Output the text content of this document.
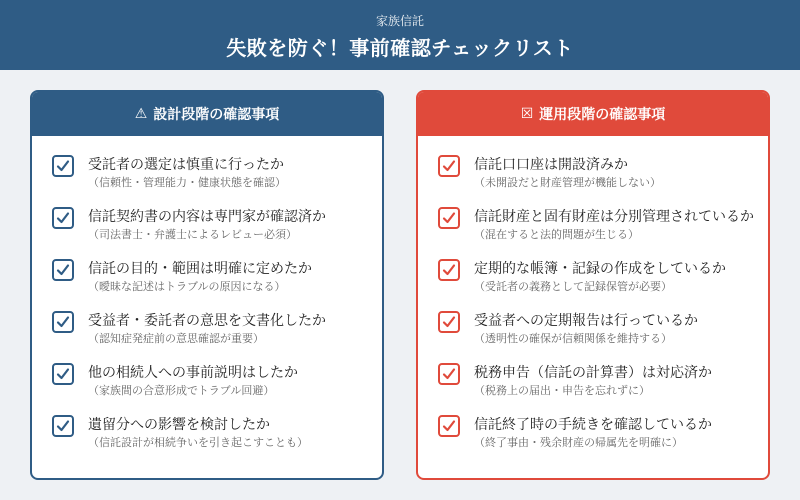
家族信託
失敗を防ぐ！事前確認チェックリスト
⚠ 設計段階の確認事項
受託者の選定は慎重に行ったか
（信頼性・管理能力・健康状態を確認）
信託契約書の内容は専門家が確認済か
（司法書士・弁護士によるレビュー必須）
信託の目的・範囲は明確に定めたか
（曖昧な記述はトラブルの原因になる）
受益者・委託者の意思を文書化したか
（認知症発症前の意思確認が重要）
他の相続人への事前説明はしたか
（家族間の合意形成でトラブル回避）
遺留分への影響を検討したか
（信託設計が相続争いを引き起こすことも）
☒ 運用段階の確認事項
信託口口座は開設済みか
（未開設だと財産管理が機能しない）
信託財産と固有財産は分別管理されているか
（混在すると法的問題が生じる）
定期的な帳簿・記録の作成をしているか
（受託者の義務として記録保管が必要）
受益者への定期報告は行っているか
（透明性の確保が信頼関係を維持する）
税務申告（信託の計算書）は対応済か
（税務上の届出・申告を忘れずに）
信託終了時の手続きを確認しているか
（終了事由・残余財産の帰属先を明確に）
